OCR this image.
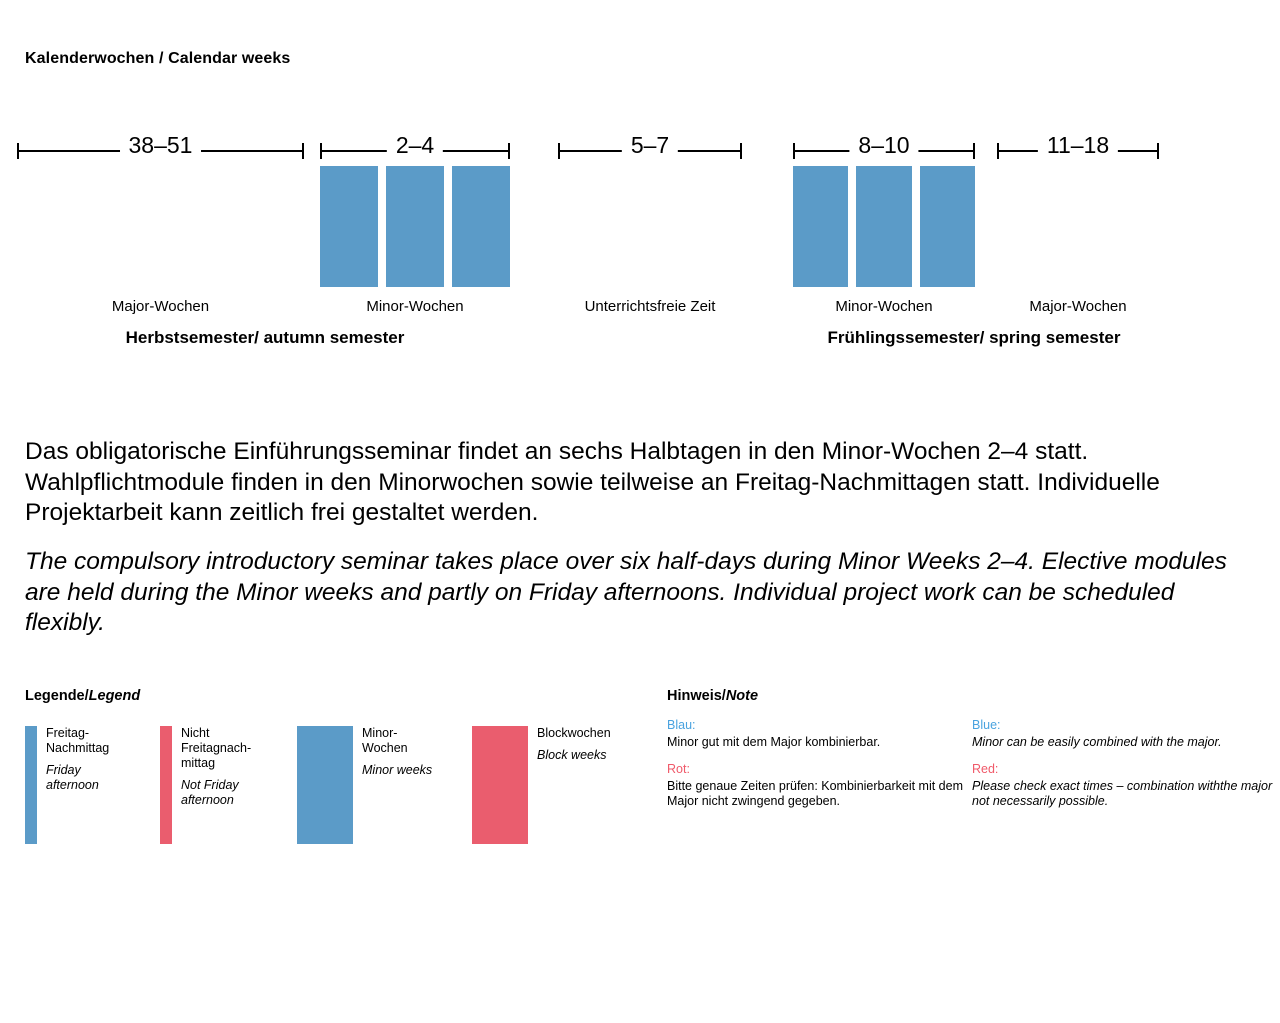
Kalenderwochen / Calendar weeks
38–51
Major-Wochen
2–4
Minor-Wochen
5–7
Unterrichtsfreie Zeit
8–10
Minor-Wochen
11–18
Major-Wochen
Herbstsemester/ autumn semester	Frühlingssemester/ spring semester
Das obligatorische Einführungsseminar findet an sechs Halbtagen in den Minor-Wochen 2–4 statt. Wahlpflichtmodule finden in den Minorwochen sowie teilweise an Freitag-Nachmittagen statt. Individuelle Projektarbeit kann zeitlich frei gestaltet werden.
The compulsory introductory seminar takes place over six half-days during Minor Weeks 2–4. Elective modules are held during the Minor weeks and partly on Friday afternoons. Individual project work can be scheduled flexibly.
Legende/Legend
Freitag-Nachmittag
Friday afternoon
Nicht Freitagnach-mittag
Not Friday afternoon
Minor-Wochen
Minor weeks
Blockwochen
Block weeks
Hinweis/Note
Blau:
Minor gut mit dem Major kombinierbar.
Rot:
Bitte genaue Zeiten prüfen: Kombinierbarkeit mit dem Major nicht zwingend gegeben.
Blue:
Minor can be easily combined with the major.
Red:
Please check exact times – combination withthe major not necessarily possible.
